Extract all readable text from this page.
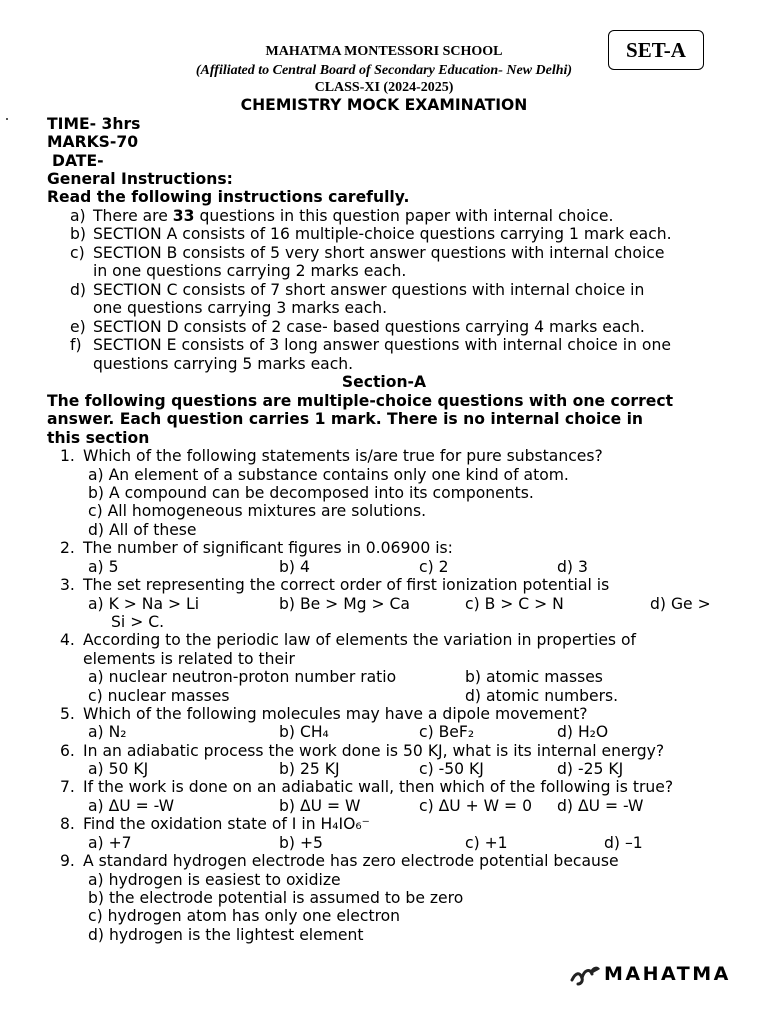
MAHATMA MONTESSORI SCHOOL
(Affiliated to Central Board of Secondary Education- New Delhi)
CLASS-XI (2024-2025)
CHEMISTRY MOCK EXAMINATION
SET-A
TIME- 3hrs
MARKS-70
DATE-
General Instructions:
Read the following instructions carefully.
a) There are 33 questions in this question paper with internal choice.
b) SECTION A consists of 16 multiple-choice questions carrying 1 mark each.
c) SECTION B consists of 5 very short answer questions with internal choice
in one questions carrying 2 marks each.
d) SECTION C consists of 7 short answer questions with internal choice in
one questions carrying 3 marks each.
e) SECTION D consists of 2 case- based questions carrying 4 marks each.
f) SECTION E consists of 3 long answer questions with internal choice in one
questions carrying 5 marks each.
Section-A
The following questions are multiple-choice questions with one correct
answer. Each question carries 1 mark. There is no internal choice in
this section
1. Which of the following statements is/are true for pure substances?
a) An element of a substance contains only one kind of atom.
b) A compound can be decomposed into its components.
c) All homogeneous mixtures are solutions.
d) All of these
2. The number of significant figures in 0.06900 is:
a) 5	b) 4	c) 2	d) 3
3. The set representing the correct order of first ionization potential is
a) K > Na > Li	b) Be > Mg > Ca	c) B > C > N	d) Ge >
Si > C.
4. According to the periodic law of elements the variation in properties of
elements is related to their
a) nuclear neutron-proton number ratio	b) atomic masses
c) nuclear masses	d) atomic numbers.
5. Which of the following molecules may have a dipole movement?
a) N₂	b) CH₄	c) BeF₂	d) H₂O
6. In an adiabatic process the work done is 50 KJ, what is its internal energy?
a) 50 KJ	b) 25 KJ	c) -50 KJ	d) -25 KJ
7. If the work is done on an adiabatic wall, then which of the following is true?
a) ΔU = -W	b) ΔU = W	c) ΔU + W = 0 d) ΔU = -W
8. Find the oxidation state of I in H₄IO₆⁻
a) +7	b) +5	c) +1	d) –1
9. A standard hydrogen electrode has zero electrode potential because
a) hydrogen is easiest to oxidize
b) the electrode potential is assumed to be zero
c) hydrogen atom has only one electron
d) hydrogen is the lightest element
MAHATMA
